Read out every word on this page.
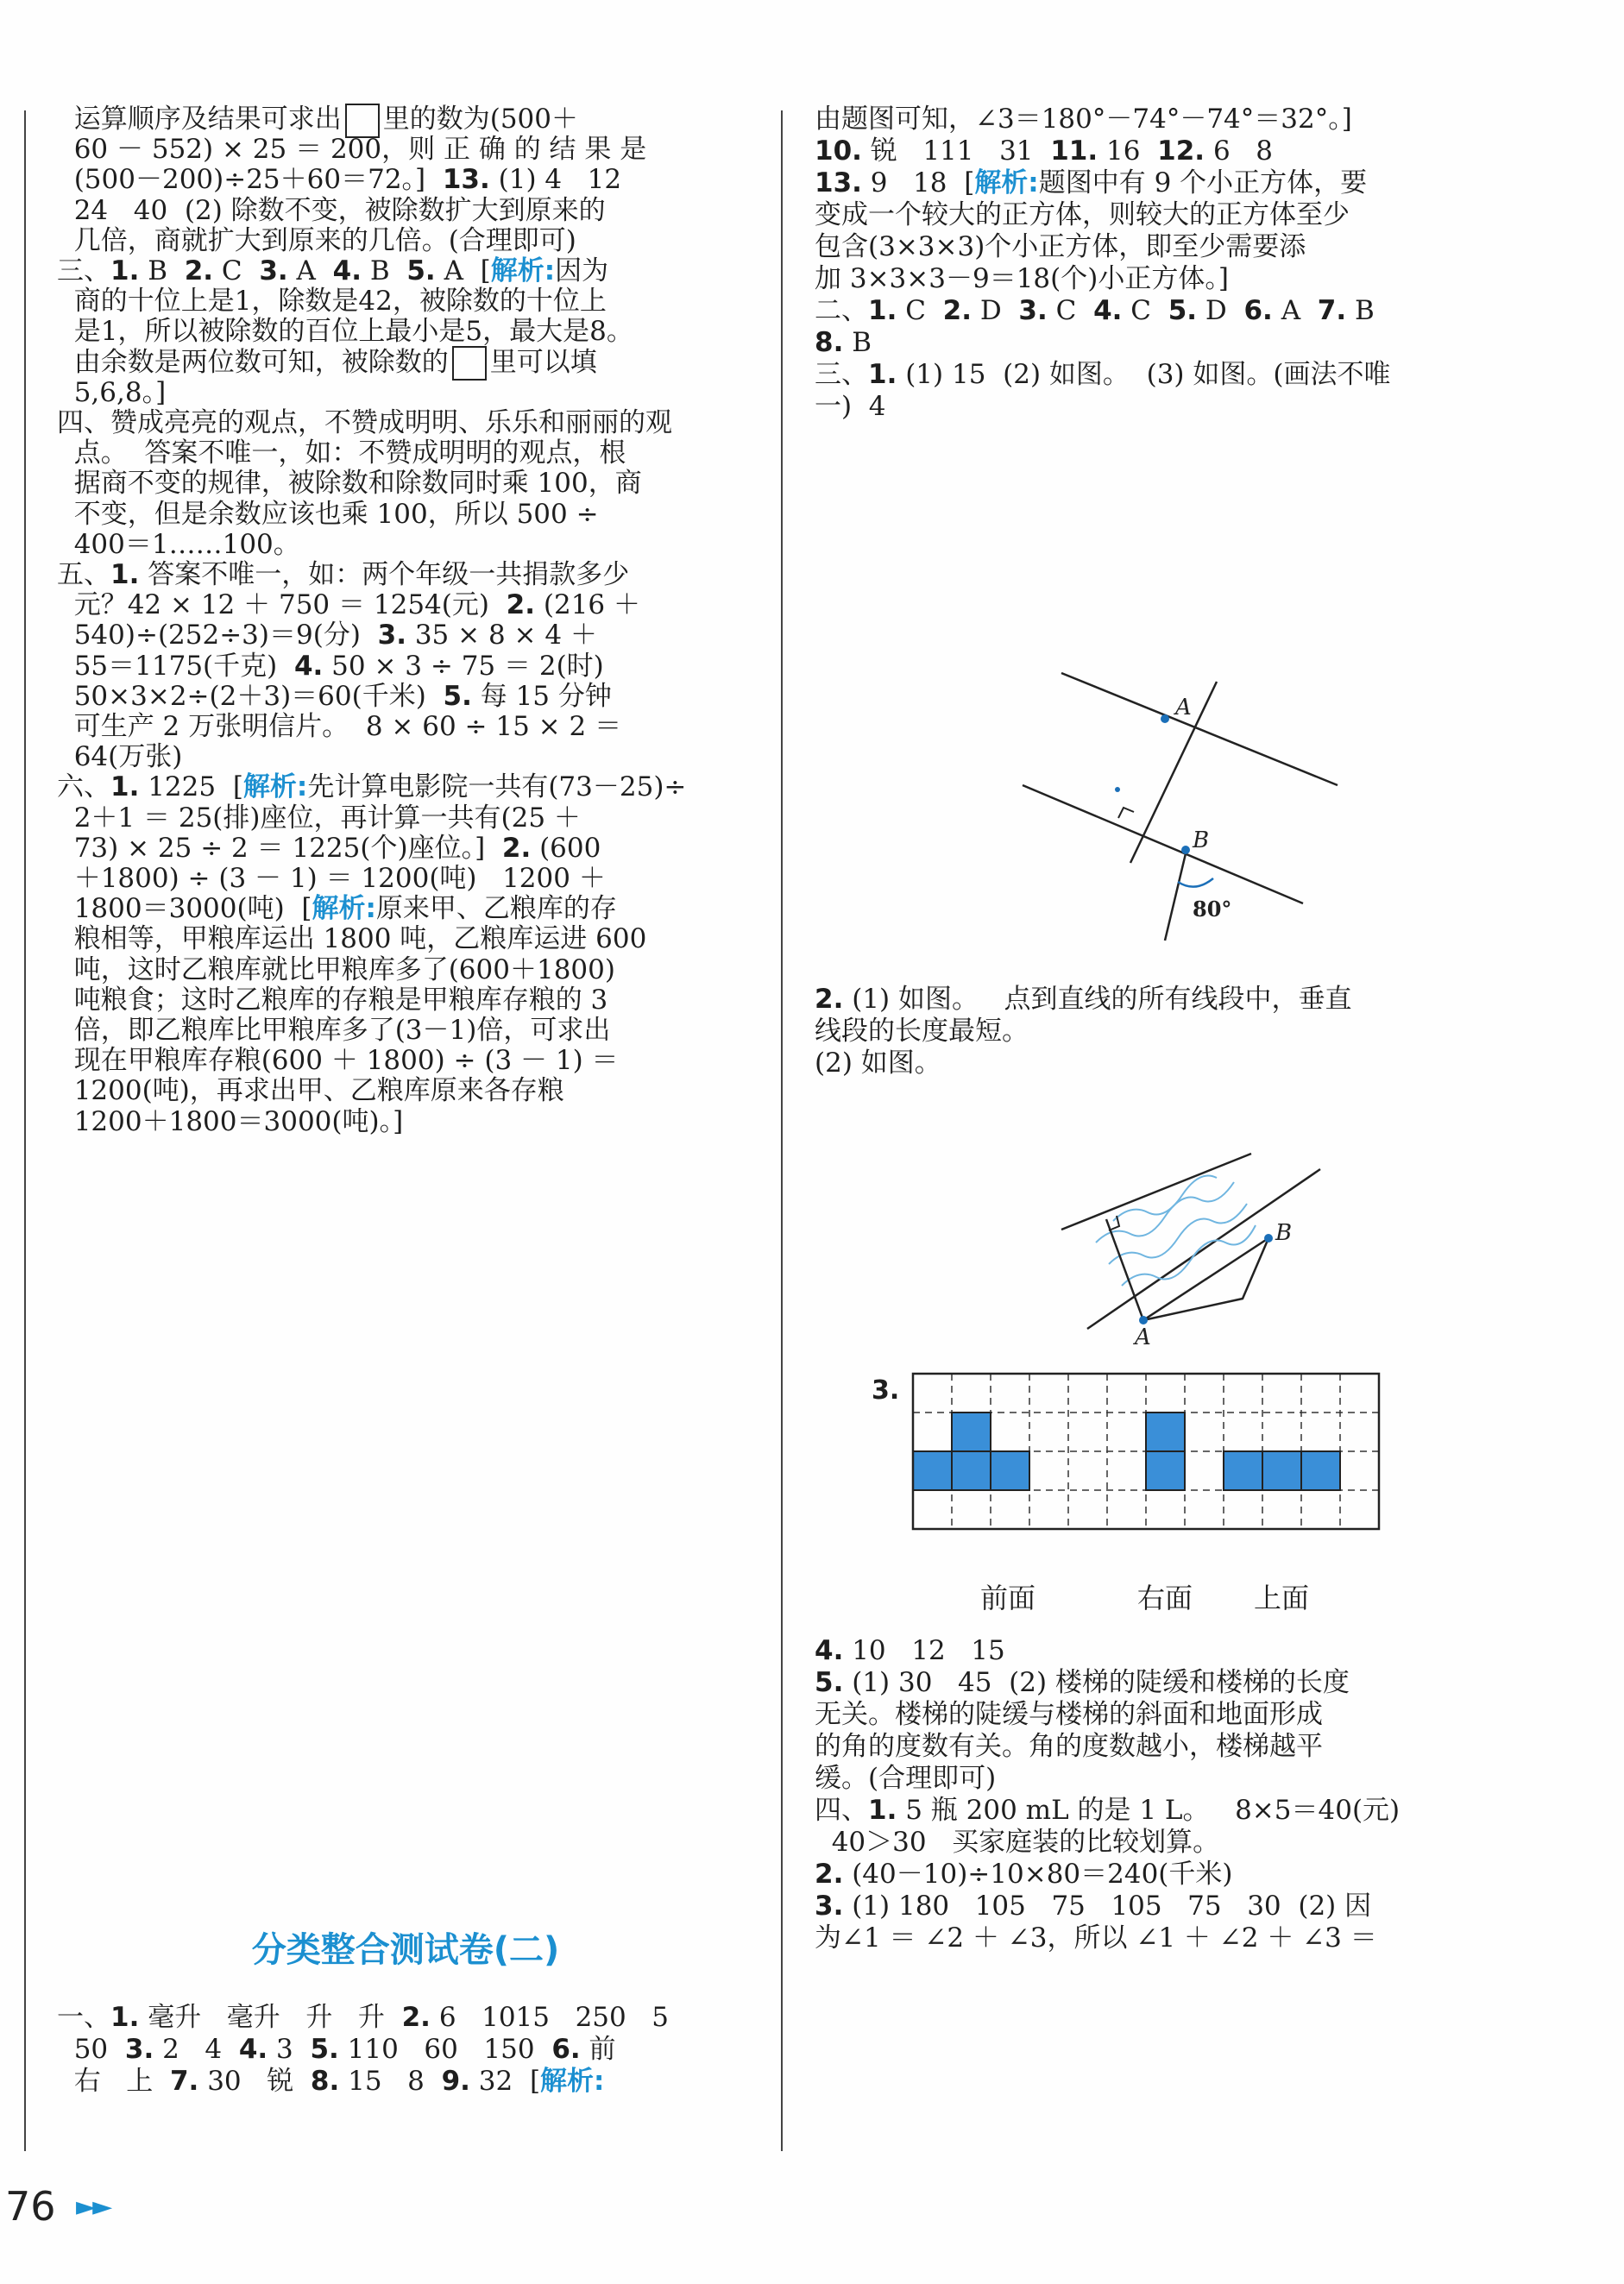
运算顺序及结果可求出 里的数为(500＋
60 － 552) × 25 ＝ 200，则 正 确 的 结 果 是
(500－200)÷25＋60＝72。]  13. (1) 4   12
24   40  (2) 除数不变，被除数扩大到原来的
几倍，商就扩大到原来的几倍。(合理即可)
三、1. B  2. C  3. A  4. B  5. A  [解析:因为
商的十位上是1，除数是42，被除数的十位上
是1，所以被除数的百位上最小是5，最大是8。
由余数是两位数可知，被除数的 里可以填
5,6,8。]
四、赞成亮亮的观点，不赞成明明、乐乐和丽丽的观
点。  答案不唯一，如：不赞成明明的观点，根
据商不变的规律，被除数和除数同时乘 100，商
不变，但是余数应该也乘 100，所以 500 ÷
400＝1……100。
五、1. 答案不唯一，如：两个年级一共捐款多少
元？42 × 12 ＋ 750 ＝ 1254(元)  2. (216 ＋
540)÷(252÷3)＝9(分)  3. 35 × 8 × 4 ＋
55＝1175(千克)  4. 50 × 3 ÷ 75 ＝ 2(时)
50×3×2÷(2＋3)＝60(千米)  5. 每 15 分钟
可生产 2 万张明信片。  8 × 60 ÷ 15 × 2 ＝
64(万张)
六、1. 1225  [解析:先计算电影院一共有(73－25)÷
2＋1 ＝ 25(排)座位，再计算一共有(25 ＋
73) × 25 ÷ 2 ＝ 1225(个)座位。]  2. (600
＋1800) ÷ (3 － 1) ＝ 1200(吨)   1200 ＋
1800＝3000(吨)  [解析:原来甲、乙粮库的存
粮相等，甲粮库运出 1800 吨，乙粮库运进 600
吨，这时乙粮库就比甲粮库多了(600＋1800)
吨粮食；这时乙粮库的存粮是甲粮库存粮的 3
倍，即乙粮库比甲粮库多了(3－1)倍，可求出
现在甲粮库存粮(600 ＋ 1800) ÷ (3 － 1) ＝
1200(吨)，再求出甲、乙粮库原来各存粮
1200＋1800＝3000(吨)。]
分类整合测试卷(二)
一、1. 毫升   毫升   升   升  2. 6   1015   250   5
50  3. 2   4  4. 3  5. 110   60   150  6. 前
右   上  7. 30   锐  8. 15   8  9. 32  [解析:
由题图可知，∠3＝180°－74°－74°＝32°。]
10. 锐   111   31  11. 16  12. 6   8
13. 9   18  [解析:题图中有 9 个小正方体，要
变成一个较大的正方体，则较大的正方体至少
包含(3×3×3)个小正方体，即至少需要添
加 3×3×3－9＝18(个)小正方体。]
二、1. C  2. D  3. C  4. C  5. D  6. A  7. B
8. B
三、1. (1) 15  (2) 如图。  (3) 如图。(画法不唯
一)  4
A
B
80°
A
B
3.
前面	右面 上面
2. (1) 如图。   点到直线的所有线段中，垂直
线段的长度最短。
(2) 如图。
4. 10   12   15
5. (1) 30   45  (2) 楼梯的陡缓和楼梯的长度
无关。楼梯的陡缓与楼梯的斜面和地面形成
的角的度数有关。角的度数越小，楼梯越平
缓。(合理即可)
四、1. 5 瓶 200 mL 的是 1 L。   8×5＝40(元)
40＞30   买家庭装的比较划算。
2. (40－10)÷10×80＝240(千米)
3. (1) 180   105   75   105   75   30  (2) 因
为∠1 ＝ ∠2 ＋ ∠3，所以 ∠1 ＋ ∠2 ＋ ∠3 ＝
76 ►►
